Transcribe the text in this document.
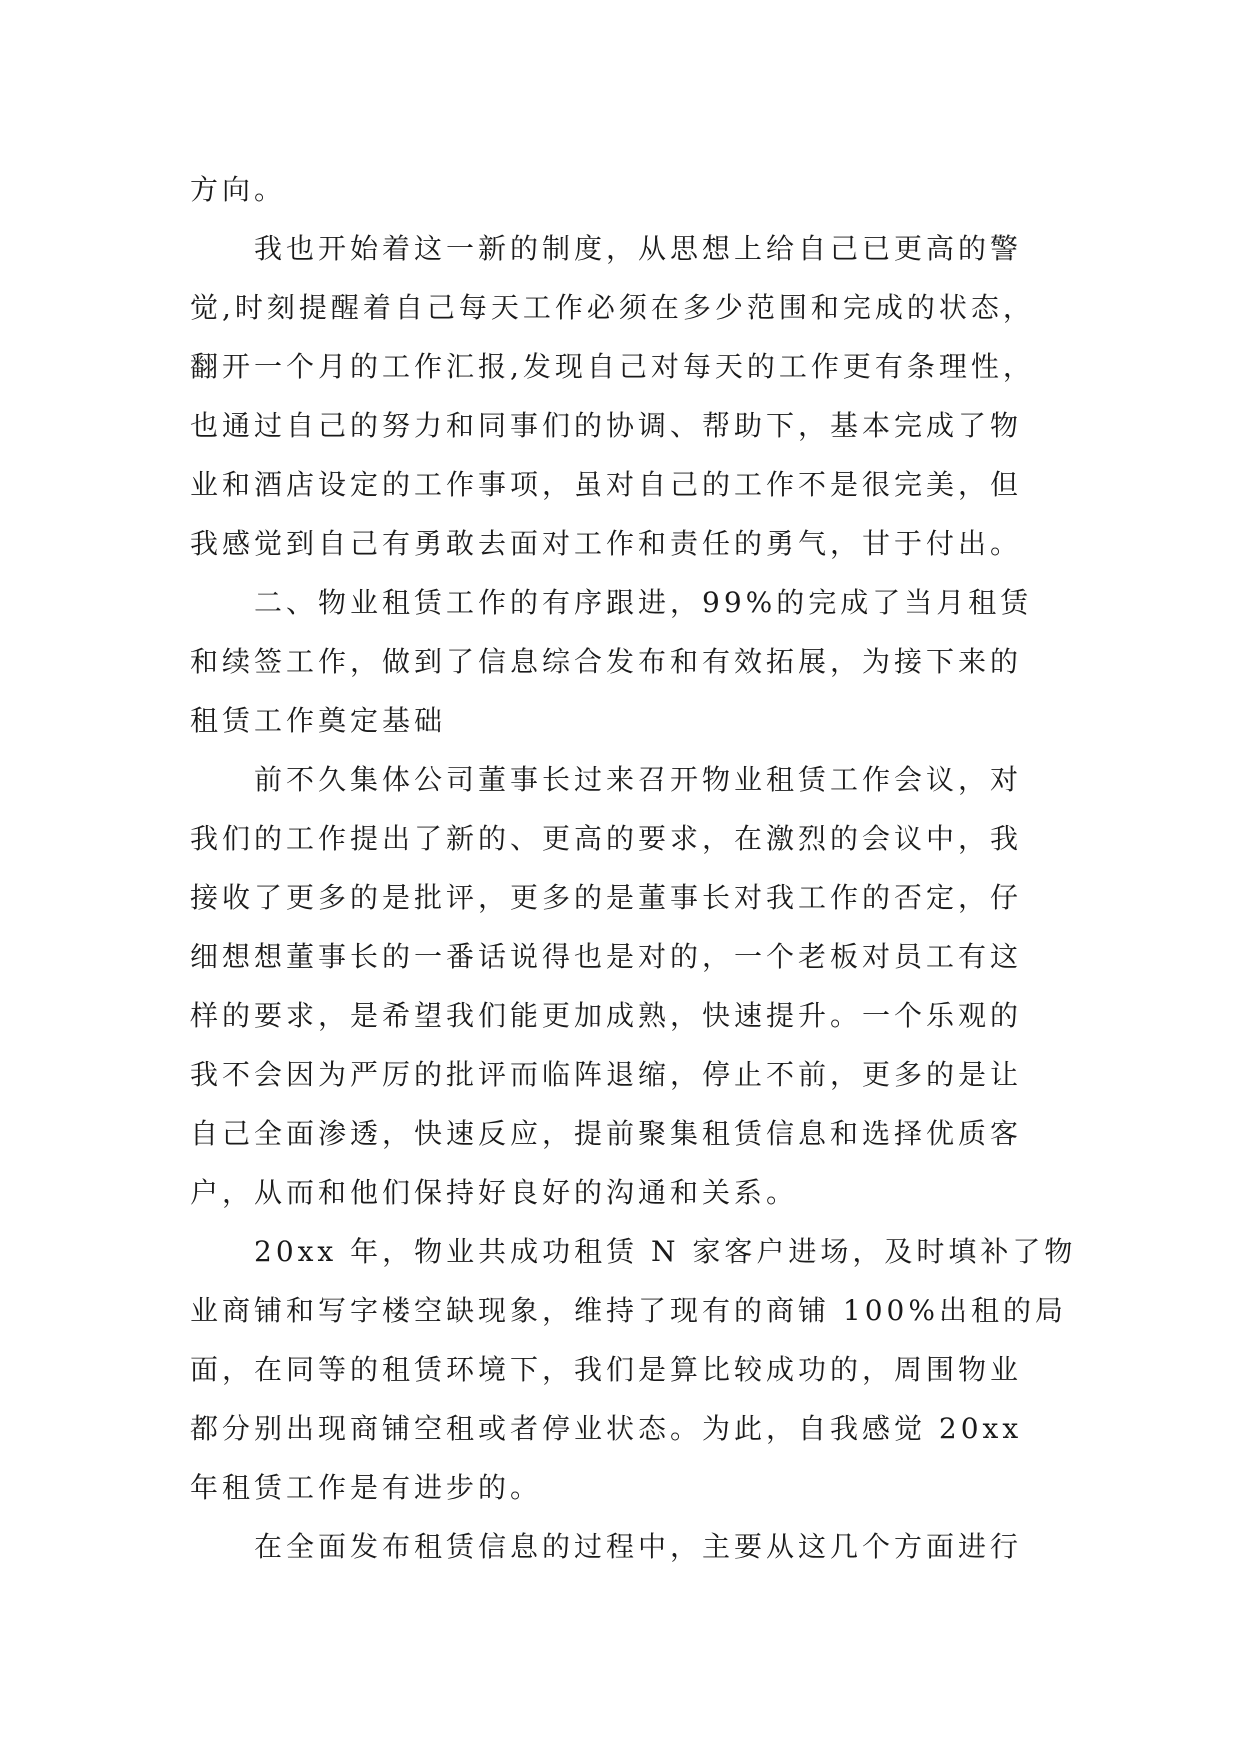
方向。
我也开始着这一新的制度，从思想上给自己已更高的警
觉,时刻提醒着自己每天工作必须在多少范围和完成的状态，
翻开一个月的工作汇报,发现自己对每天的工作更有条理性，
也通过自己的努力和同事们的协调、帮助下，基本完成了物
业和酒店设定的工作事项，虽对自己的工作不是很完美，但
我感觉到自己有勇敢去面对工作和责任的勇气，甘于付出。
二、物业租赁工作的有序跟进，99%的完成了当月租赁
和续签工作，做到了信息综合发布和有效拓展，为接下来的
租赁工作奠定基础
前不久集体公司董事长过来召开物业租赁工作会议，对
我们的工作提出了新的、更高的要求，在激烈的会议中，我
接收了更多的是批评，更多的是董事长对我工作的否定，仔
细想想董事长的一番话说得也是对的，一个老板对员工有这
样的要求，是希望我们能更加成熟，快速提升。一个乐观的
我不会因为严厉的批评而临阵退缩，停止不前，更多的是让
自己全面渗透，快速反应，提前聚集租赁信息和选择优质客
户，从而和他们保持好良好的沟通和关系。
20xx 年，物业共成功租赁 N 家客户进场，及时填补了物
业商铺和写字楼空缺现象，维持了现有的商铺 100%出租的局
面，在同等的租赁环境下，我们是算比较成功的，周围物业
都分别出现商铺空租或者停业状态。为此，自我感觉 20xx
年租赁工作是有进步的。
在全面发布租赁信息的过程中，主要从这几个方面进行
